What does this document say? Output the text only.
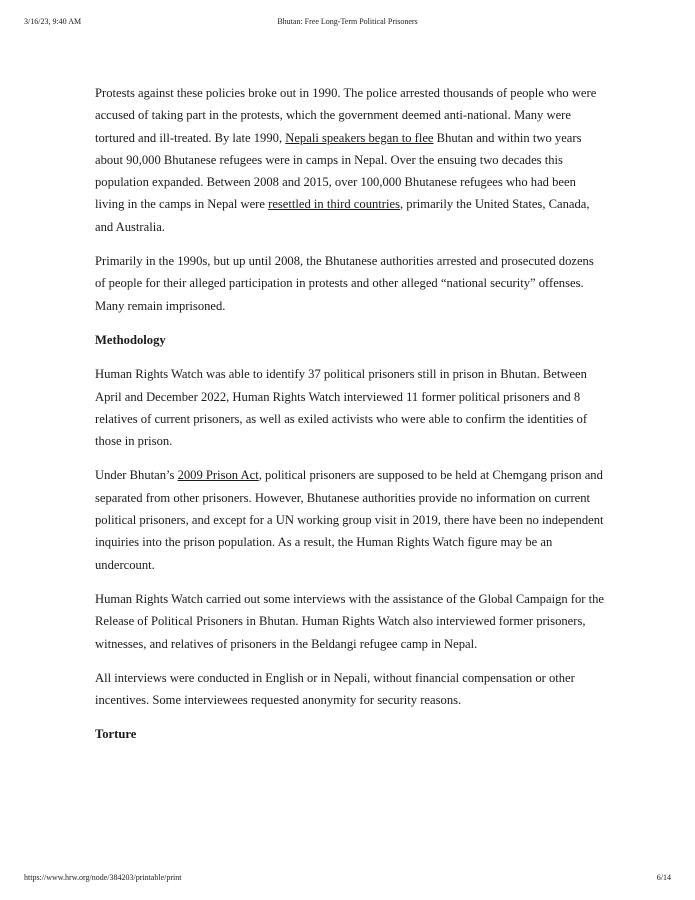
3/16/23, 9:40 AM	Bhutan: Free Long-Term Political Prisoners

Protests against these policies broke out in 1990. The police arrested thousands of people who were accused of taking part in the protests, which the government deemed anti-national. Many were tortured and ill-treated. By late 1990, Nepali speakers began to flee Bhutan and within two years about 90,000 Bhutanese refugees were in camps in Nepal. Over the ensuing two decades this population expanded. Between 2008 and 2015, over 100,000 Bhutanese refugees who had been living in the camps in Nepal were resettled in third countries, primarily the United States, Canada, and Australia.

Primarily in the 1990s, but up until 2008, the Bhutanese authorities arrested and prosecuted dozens of people for their alleged participation in protests and other alleged “national security” offenses. Many remain imprisoned.

Methodology

Human Rights Watch was able to identify 37 political prisoners still in prison in Bhutan. Between April and December 2022, Human Rights Watch interviewed 11 former political prisoners and 8 relatives of current prisoners, as well as exiled activists who were able to confirm the identities of those in prison.

Under Bhutan’s 2009 Prison Act, political prisoners are supposed to be held at Chemgang prison and separated from other prisoners. However, Bhutanese authorities provide no information on current political prisoners, and except for a UN working group visit in 2019, there have been no independent inquiries into the prison population. As a result, the Human Rights Watch figure may be an undercount.

Human Rights Watch carried out some interviews with the assistance of the Global Campaign for the Release of Political Prisoners in Bhutan. Human Rights Watch also interviewed former prisoners, witnesses, and relatives of prisoners in the Beldangi refugee camp in Nepal.

All interviews were conducted in English or in Nepali, without financial compensation or other incentives. Some interviewees requested anonymity for security reasons.

Torture
https://www.hrw.org/node/384203/printable/print	6/14
